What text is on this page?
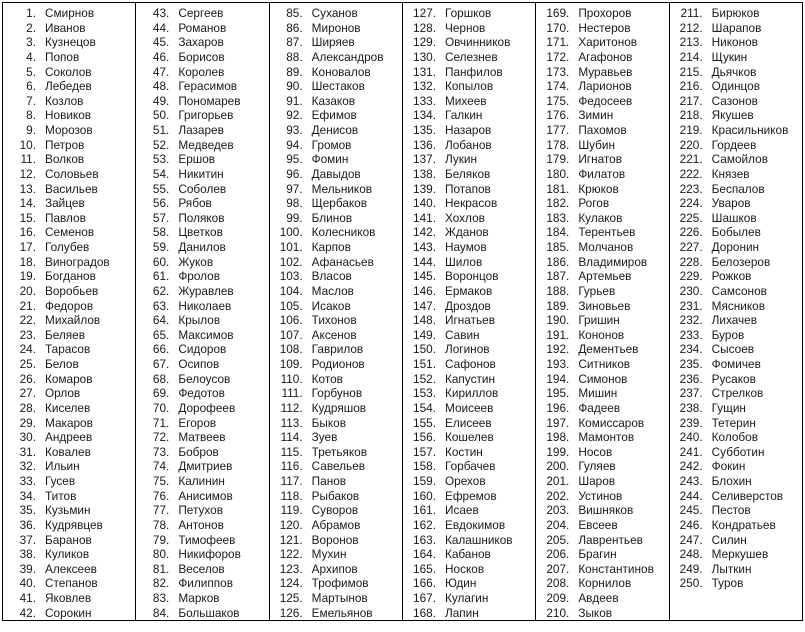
1. Смирнов
2. Иванов
3. Кузнецов
4. Попов
5. Соколов
6. Лебедев
7. Козлов
8. Новиков
9. Морозов
10. Петров
11. Волков
12. Соловьев
13. Васильев
14. Зайцев
15. Павлов
16. Семенов
17. Голубев
18. Виноградов
19. Богданов
20. Воробьев
21. Федоров
22. Михайлов
23. Беляев
24. Тарасов
25. Белов
26. Комаров
27. Орлов
28. Киселев
29. Макаров
30. Андреев
31. Ковалев
32. Ильин
33. Гусев
34. Титов
35. Кузьмин
36. Кудрявцев
37. Баранов
38. Куликов
39. Алексеев
40. Степанов
41. Яковлев
42. Сорокин
43. Сергеев
44. Романов
45. Захаров
46. Борисов
47. Королев
48. Герасимов
49. Пономарев
50. Григорьев
51. Лазарев
52. Медведев
53. Ершов
54. Никитин
55. Соболев
56. Рябов
57. Поляков
58. Цветков
59. Данилов
60. Жуков
61. Фролов
62. Журавлев
63. Николаев
64. Крылов
65. Максимов
66. Сидоров
67. Осипов
68. Белоусов
69. Федотов
70. Дорофеев
71. Егоров
72. Матвеев
73. Бобров
74. Дмитриев
75. Калинин
76. Анисимов
77. Петухов
78. Антонов
79. Тимофеев
80. Никифоров
81. Веселов
82. Филиппов
83. Марков
84. Большаков
85. Суханов
86. Миронов
87. Ширяев
88. Александров
89. Коновалов
90. Шестаков
91. Казаков
92. Ефимов
93. Денисов
94. Громов
95. Фомин
96. Давыдов
97. Мельников
98. Щербаков
99. Блинов
100. Колесников
101. Карпов
102. Афанасьев
103. Власов
104. Маслов
105. Исаков
106. Тихонов
107. Аксенов
108. Гаврилов
109. Родионов
110. Котов
111. Горбунов
112. Кудряшов
113. Быков
114. Зуев
115. Третьяков
116. Савельев
117. Панов
118. Рыбаков
119. Суворов
120. Абрамов
121. Воронов
122. Мухин
123. Архипов
124. Трофимов
125. Мартынов
126. Емельянов
127. Горшков
128. Чернов
129. Овчинников
130. Селезнев
131. Панфилов
132. Копылов
133. Михеев
134. Галкин
135. Назаров
136. Лобанов
137. Лукин
138. Беляков
139. Потапов
140. Некрасов
141. Хохлов
142. Жданов
143. Наумов
144. Шилов
145. Воронцов
146. Ермаков
147. Дроздов
148. Игнатьев
149. Савин
150. Логинов
151. Сафонов
152. Капустин
153. Кириллов
154. Моисеев
155. Елисеев
156. Кошелев
157. Костин
158. Горбачев
159. Орехов
160. Ефремов
161. Исаев
162. Евдокимов
163. Калашников
164. Кабанов
165. Носков
166. Юдин
167. Кулагин
168. Лапин
169. Прохоров
170. Нестеров
171. Харитонов
172. Агафонов
173. Муравьев
174. Ларионов
175. Федосеев
176. Зимин
177. Пахомов
178. Шубин
179. Игнатов
180. Филатов
181. Крюков
182. Рогов
183. Кулаков
184. Терентьев
185. Молчанов
186. Владимиров
187. Артемьев
188. Гурьев
189. Зиновьев
190. Гришин
191. Кононов
192. Дементьев
193. Ситников
194. Симонов
195. Мишин
196. Фадеев
197. Комиссаров
198. Мамонтов
199. Носов
200. Гуляев
201. Шаров
202. Устинов
203. Вишняков
204. Евсеев
205. Лаврентьев
206. Брагин
207. Константинов
208. Корнилов
209. Авдеев
210. Зыков
211. Бирюков
212. Шарапов
213. Никонов
214. Щукин
215. Дьячков
216. Одинцов
217. Сазонов
218. Якушев
219. Красильников
220. Гордеев
221. Самойлов
222. Князев
223. Беспалов
224. Уваров
225. Шашков
226. Бобылев
227. Доронин
228. Белозеров
229. Рожков
230. Самсонов
231. Мясников
232. Лихачев
233. Буров
234. Сысоев
235. Фомичев
236. Русаков
237. Стрелков
238. Гущин
239. Тетерин
240. Колобов
241. Субботин
242. Фокин
243. Блохин
244. Селиверстов
245. Пестов
246. Кондратьев
247. Силин
248. Меркушев
249. Лыткин
250. Туров
